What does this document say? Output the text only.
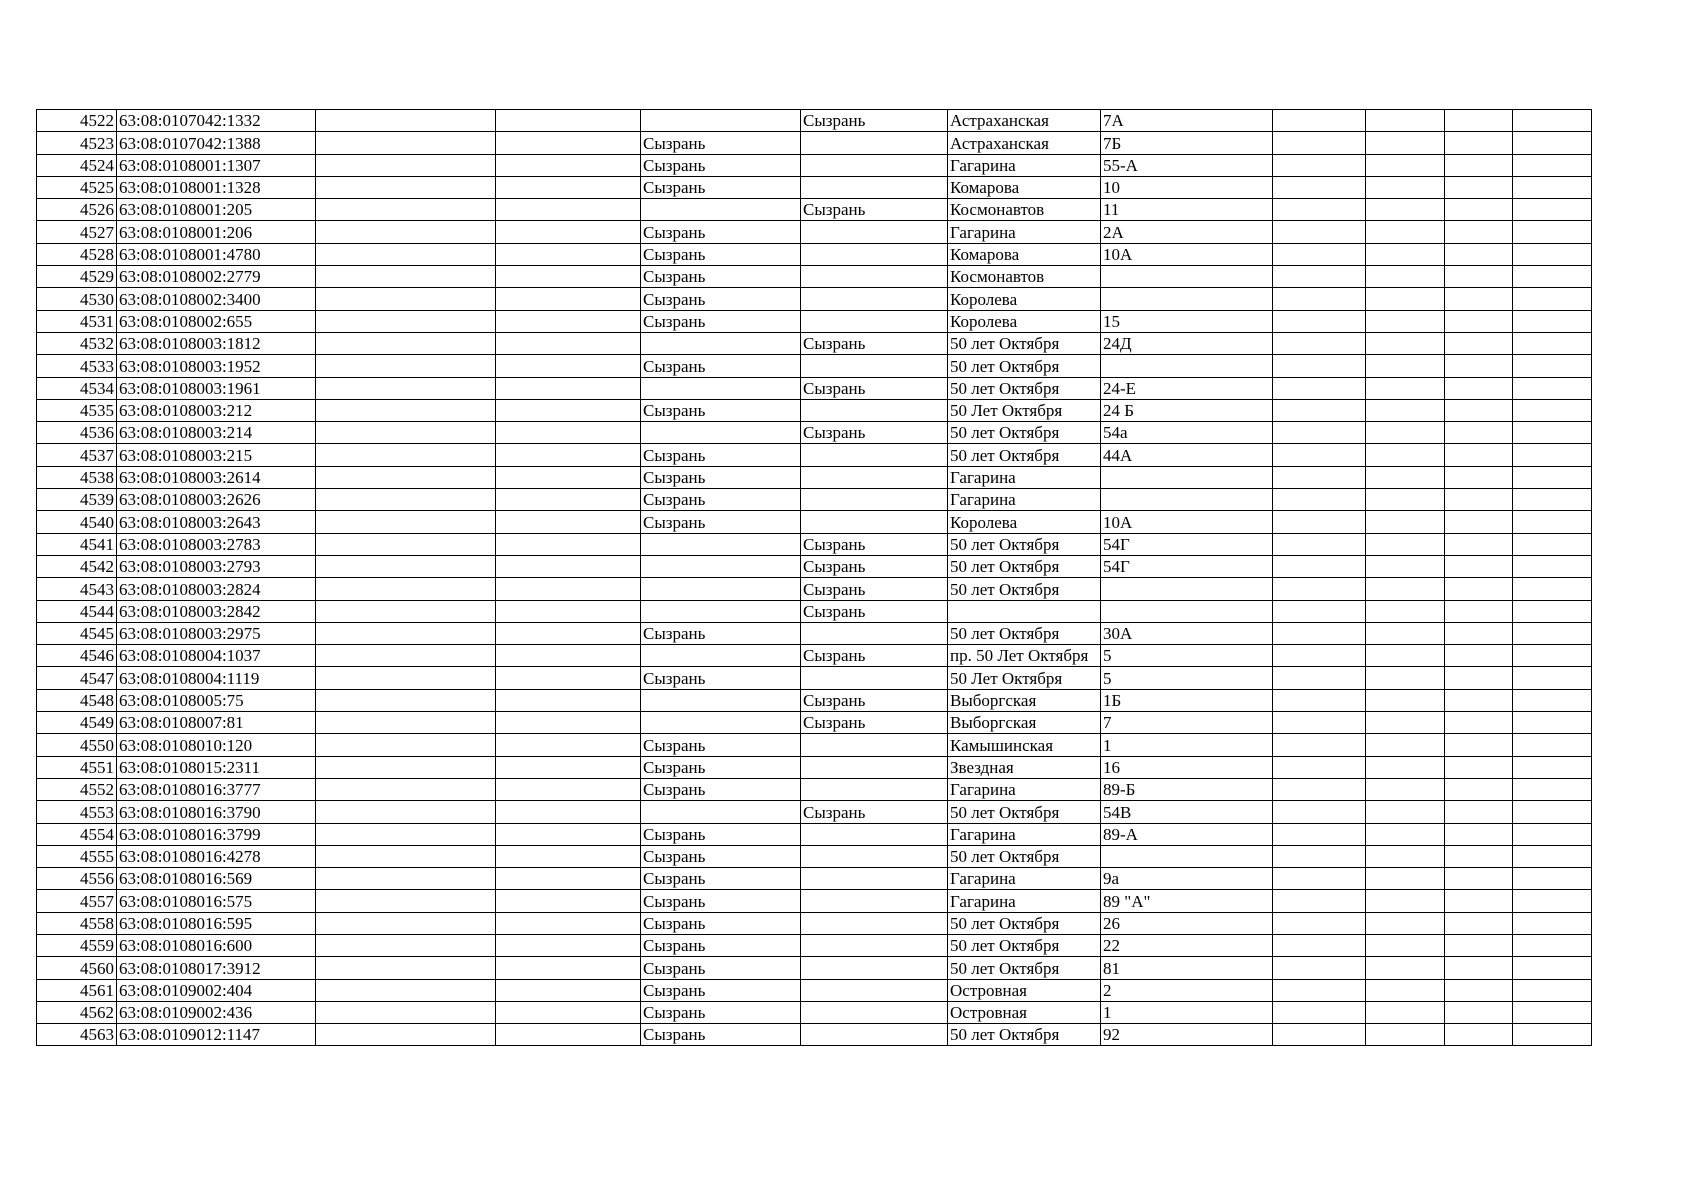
4522	63:08:0107042:1332				Сызрань	Астраханская	7А				
4523	63:08:0107042:1388			Сызрань		Астраханская	7Б				
4524	63:08:0108001:1307			Сызрань		Гагарина	55-А				
4525	63:08:0108001:1328			Сызрань		Комарова	10				
4526	63:08:0108001:205				Сызрань	Космонавтов	11				
4527	63:08:0108001:206			Сызрань		Гагарина	2А				
4528	63:08:0108001:4780			Сызрань		Комарова	10А				
4529	63:08:0108002:2779			Сызрань		Космонавтов					
4530	63:08:0108002:3400			Сызрань		Королева					
4531	63:08:0108002:655			Сызрань		Королева	15				
4532	63:08:0108003:1812				Сызрань	50 лет Октября	24Д				
4533	63:08:0108003:1952			Сызрань		50 лет Октября					
4534	63:08:0108003:1961				Сызрань	50 лет Октября	24-Е				
4535	63:08:0108003:212			Сызрань		50 Лет Октября	24 Б				
4536	63:08:0108003:214				Сызрань	50 лет Октября	54а				
4537	63:08:0108003:215			Сызрань		50 лет Октября	44А				
4538	63:08:0108003:2614			Сызрань		Гагарина					
4539	63:08:0108003:2626			Сызрань		Гагарина					
4540	63:08:0108003:2643			Сызрань		Королева	10А				
4541	63:08:0108003:2783				Сызрань	50 лет Октября	54Г				
4542	63:08:0108003:2793				Сызрань	50 лет Октября	54Г				
4543	63:08:0108003:2824				Сызрань	50 лет Октября					
4544	63:08:0108003:2842				Сызрань						
4545	63:08:0108003:2975			Сызрань		50 лет Октября	30А				
4546	63:08:0108004:1037				Сызрань	пр. 50 Лет Октября	5				
4547	63:08:0108004:1119			Сызрань		50 Лет Октября	5				
4548	63:08:0108005:75				Сызрань	Выборгская	1Б				
4549	63:08:0108007:81				Сызрань	Выборгская	7				
4550	63:08:0108010:120			Сызрань		Камышинская	1				
4551	63:08:0108015:2311			Сызрань		Звездная	16				
4552	63:08:0108016:3777			Сызрань		Гагарина	89-Б				
4553	63:08:0108016:3790				Сызрань	50 лет Октября	54В				
4554	63:08:0108016:3799			Сызрань		Гагарина	89-А				
4555	63:08:0108016:4278			Сызрань		50 лет Октября					
4556	63:08:0108016:569			Сызрань		Гагарина	9а				
4557	63:08:0108016:575			Сызрань		Гагарина	89 "А"				
4558	63:08:0108016:595			Сызрань		50 лет Октября	26				
4559	63:08:0108016:600			Сызрань		50 лет Октября	22				
4560	63:08:0108017:3912			Сызрань		50 лет Октября	81				
4561	63:08:0109002:404			Сызрань		Островная	2				
4562	63:08:0109002:436			Сызрань		Островная	1				
4563	63:08:0109012:1147			Сызрань		50 лет Октября	92				
